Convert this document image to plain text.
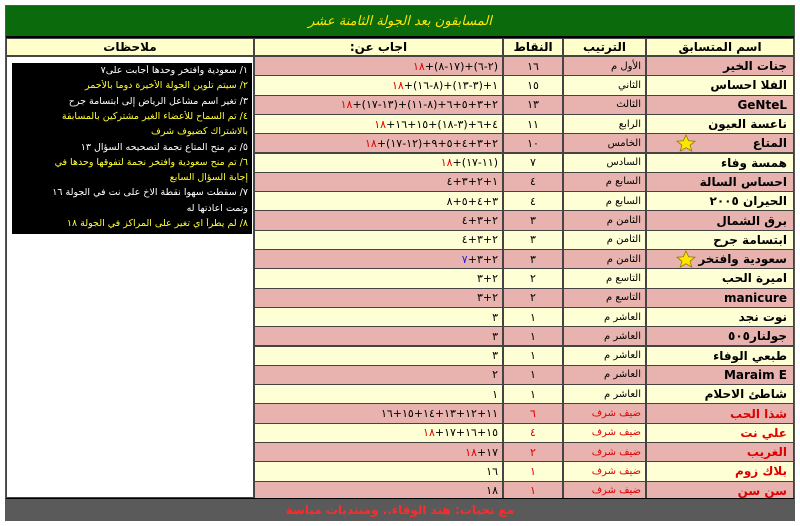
المسابقون بعد الجولة الثامنة عشر
اسم المتسابق
الترتيب
النقاط
اجاب عن:
ملاحظات
جنات الخير
الأول م
١٦
(٢-٦)+(١٧-٨)+
١٨
الفلا احساس
الثاني
١٥
١+(٣-١٣)+(٨-١٦)+
١٨
GeNteL
الثالث
١٣
٢+٣+٥+٦+(٨-١١)+(١٣-١٧)+
١٨
ناعسة العيون
الرابع
١١
٤+٦+(٣-١٨)+١٥+١٦+
١٨
المتاع
الخامس
١٠
٢+٣+٤+٥+٩+(١٢-١٧)+
١٨
همسة وفاء
السادس
٧
(١١-١٧)+
١٨
احساس السالة
السابع م
٤
١+٢+٣+٤
الحيران ٢٠٠٥
السابع م
٤
٣+٤+٥+٨
برق الشمال
الثامن م
٣
٢+٣+٤
ابتسامة جرح
الثامن م
٣
٢+٣+٤
سعودية وافتخر
الثامن م
٣
٢+٣+
٧
اميرة الحب
التاسع م
٢
٢+٣
manicure
التاسع م
٢
٢+٣
نوت نجد
العاشر م
١
٣
جولنار٥٠٥
العاشر م
١
٣
طبعي الوفاء
العاشر م
١
٣
Maraim E
العاشر م
١
٢
شاطئ الاحلام
العاشر م
١
١
شذا الحب
ضيف شرف
٦
١١+١٢+١٣+١٤+١٥+١٦
علي نت
ضيف شرف
٤
١٥+١٦+١٧+
١٨
الغريب
ضيف شرف
٢
١٧+
١٨
بلاك زوم
ضيف شرف
١
١٦
سن سن
ضيف شرف
١
١٨
١/ سعودية وافتخر وحدها أجابت على٧
٢/ سيتم تلوين الجولة الأخيرة دوما بالأحمر
٣/ تغير اسم مشاعل الرياض إلى ابتسامة جرح
٤/ تم السماح للأعضاء الغير مشتركين بالمسابقة
بالاشتراك كضيوف شرف
٥/ تم منح المتاع نجمة لتصحيحه السؤال ١٣
٦/ تم منح سعودية وافتخر نجمة لتفوقها وحدها في
إجابة السؤال السابع
٧/ سقطت سهوا نقطة الاخ على نت في الجولة ١٦
وتمت اعادتها له
٨/ لم يطرأ اي تغير على المراكز في الجولة ١٨
مع تحيات: هند الوفاء.. ومنتديات مياسة
